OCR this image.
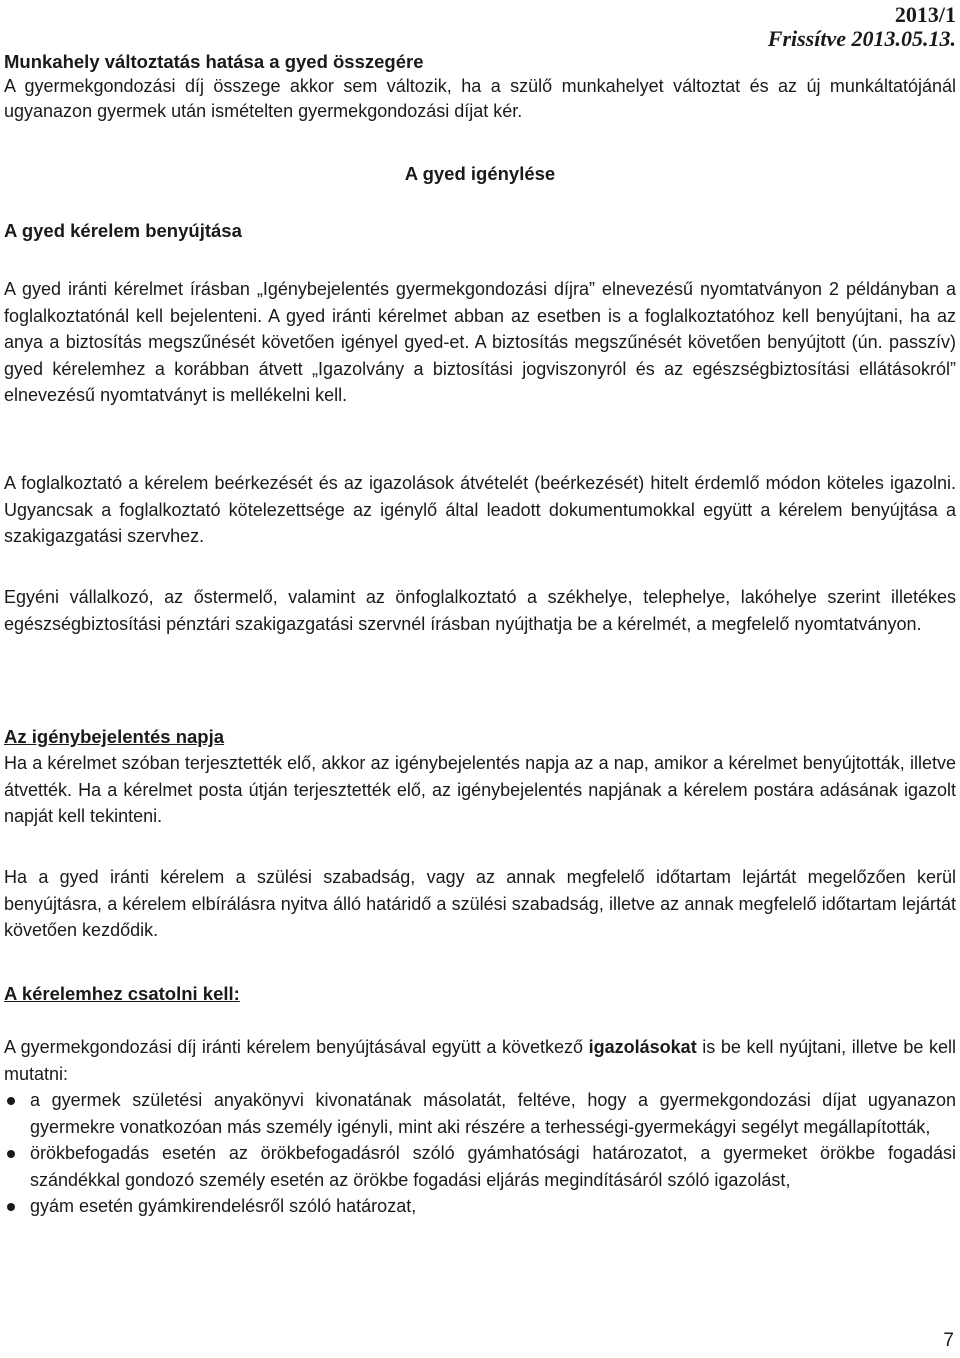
2013/1
Frissítve 2013.05.13.

Munkahely változtatás hatása a gyed összegére

A gyermekgondozási díj összege akkor sem változik, ha a szülő munkahelyet változtat és az új munkáltatójánál ugyanazon gyermek után ismételten gyermekgondozási díjat kér.

A gyed igénylése

A gyed kérelem benyújtása

A gyed iránti kérelmet írásban „Igénybejelentés gyermekgondozási díjra” elnevezésű nyomtatványon 2 példányban a foglalkoztatónál kell bejelenteni. A gyed iránti kérelmet abban az esetben is a foglalkoztatóhoz kell benyújtani, ha az anya a biztosítás megszűnését követően igényel gyed-et. A biztosítás megszűnését követően benyújtott (ún. passzív) gyed kérelemhez a korábban átvett „Igazolvány a biztosítási jogviszonyról és az egészségbiztosítási ellátásokról” elnevezésű nyomtatványt is mellékelni kell.

A foglalkoztató a kérelem beérkezését és az igazolások átvételét (beérkezését) hitelt érdemlő módon köteles igazolni. Ugyancsak a foglalkoztató kötelezettsége az igénylő által leadott dokumentumokkal együtt a kérelem benyújtása a szakigazgatási szervhez.

Egyéni vállalkozó, az őstermelő, valamint az önfoglalkoztató a székhelye, telephelye, lakóhelye szerint illetékes egészségbiztosítási pénztári szakigazgatási szervnél írásban nyújthatja be a kérelmét, a megfelelő nyomtatványon.

Az igénybejelentés napja

Ha a kérelmet szóban terjesztették elő, akkor az igénybejelentés napja az a nap, amikor a kérelmet benyújtották, illetve átvették. Ha a kérelmet posta útján terjesztették elő, az igénybejelentés napjának a kérelem postára adásának igazolt napját kell tekinteni.

Ha a gyed iránti kérelem a szülési szabadság, vagy az annak megfelelő időtartam lejártát megelőzően kerül benyújtásra, a kérelem elbírálásra nyitva álló határidő a szülési szabadság, illetve az annak megfelelő időtartam lejártát követően kezdődik.

A kérelemhez csatolni kell:

A gyermekgondozási díj iránti kérelem benyújtásával együtt a következő igazolásokat is be kell nyújtani, illetve be kell mutatni:

a gyermek születési anyakönyvi kivonatának másolatát, feltéve, hogy a gyermekgondozási díjat ugyanazon gyermekre vonatkozóan más személy igényli, mint aki részére a terhességi-gyermekágyi segélyt megállapították,
örökbefogadás esetén az örökbefogadásról szóló gyámhatósági határozatot, a gyermeket örökbe fogadási szándékkal gondozó személy esetén az örökbe fogadási eljárás megindításáról szóló igazolást,
gyám esetén gyámkirendelésről szóló határozat,
7
